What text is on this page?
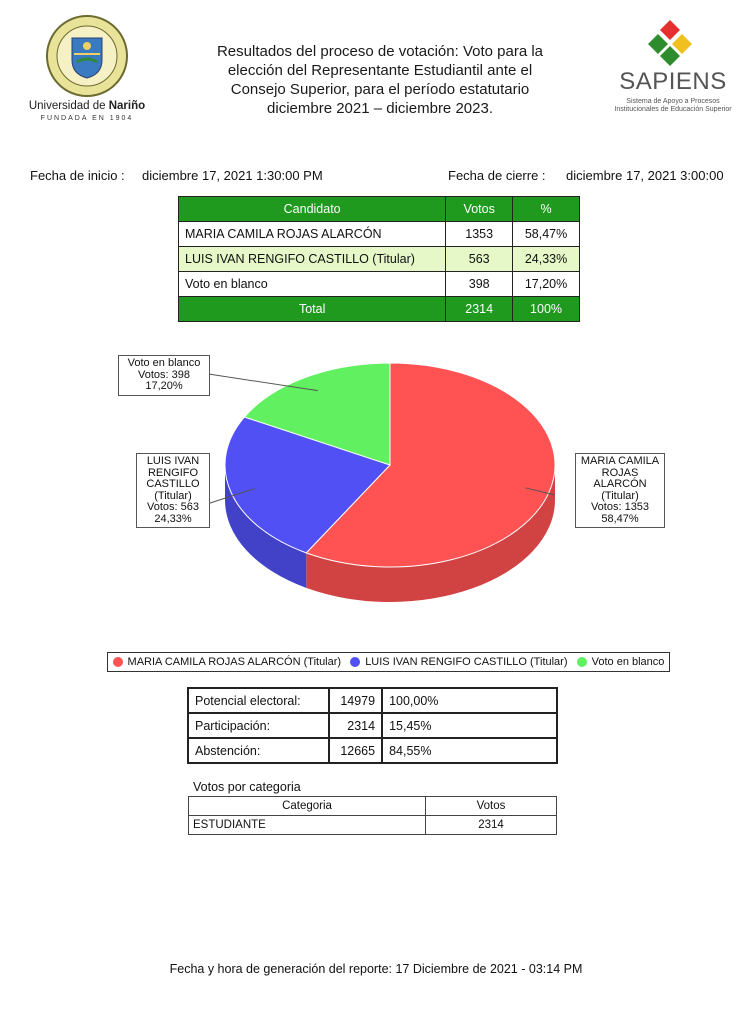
Universidad de Nariño
FUNDADA EN 1904
Resultados del proceso de votación: Voto para la
elección del Representante Estudiantil ante el
Consejo Superior, para el período estatutario
diciembre 2021 – diciembre 2023.
SAPIENS
Sistema de Apoyo a Procesos
Institucionales de Educación Superior
Fecha de inicio : diciembre 17, 2021 1:30:00 PM	Fecha de cierre : diciembre 17, 2021 3:00:00
Candidato	Votos	%
MARIA CAMILA ROJAS ALARCÓN	1353	58,47%
LUIS IVAN RENGIFO CASTILLO (Titular)	563	24,33%
Voto en blanco	398	17,20%
Total	2314	100%
MARIA CAMILA
ROJAS
ALARCÓN
(Titular)
Votos: 1353
58,47%
LUIS IVAN
RENGIFO
CASTILLO
(Titular)
Votos: 563
24,33%
Voto en blanco
Votos: 398
17,20%
MARIA CAMILA ROJAS ALARCÓN (Titular) LUIS IVAN RENGIFO CASTILLO (Titular) Voto en blanco
Potencial electoral:	14979	100,00%
Participación:	2314	15,45%
Abstención:	12665	84,55%
Votos por categoria
Categoria	Votos
ESTUDIANTE	2314
Fecha y hora de generación del reporte: 17 Diciembre de 2021 - 03:14 PM
